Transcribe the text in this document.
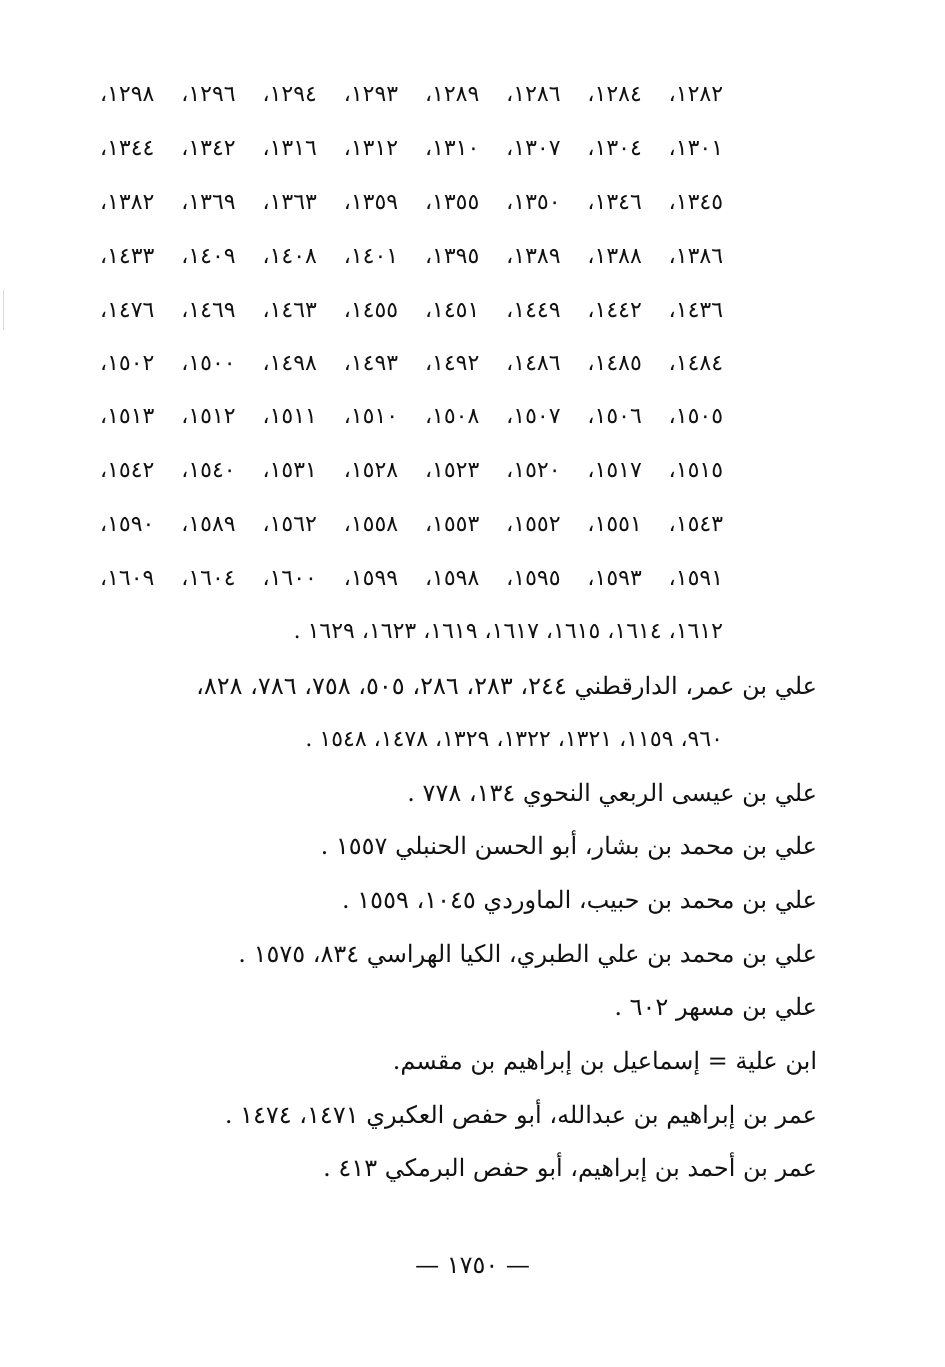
١٢٨٢، ١٢٨٤، ١٢٨٦، ١٢٨٩، ١٢٩٣، ١٢٩٤، ١٢٩٦، ١٢٩٨،
١٣٠١، ١٣٠٤، ١٣٠٧، ١٣١٠، ١٣١٢، ١٣١٦، ١٣٤٢، ١٣٤٤،
١٣٤٥، ١٣٤٦، ١٣٥٠، ١٣٥٥، ١٣٥٩، ١٣٦٣، ١٣٦٩، ١٣٨٢،
١٣٨٦، ١٣٨٨، ١٣٨٩، ١٣٩٥، ١٤٠١، ١٤٠٨، ١٤٠٩، ١٤٣٣،
١٤٣٦، ١٤٤٢، ١٤٤٩، ١٤٥١، ١٤٥٥، ١٤٦٣، ١٤٦٩، ١٤٧٦،
١٤٨٤، ١٤٨٥، ١٤٨٦، ١٤٩٢، ١٤٩٣، ١٤٩٨، ١٥٠٠، ١٥٠٢،
١٥٠٥، ١٥٠٦، ١٥٠٧، ١٥٠٨، ١٥١٠، ١٥١١، ١٥١٢، ١٥١٣،
١٥١٥، ١٥١٧، ١٥٢٠، ١٥٢٣، ١٥٢٨، ١٥٣١، ١٥٤٠، ١٥٤٢،
١٥٤٣، ١٥٥١، ١٥٥٢، ١٥٥٣، ١٥٥٨، ١٥٦٢، ١٥٨٩، ١٥٩٠،
١٥٩١، ١٥٩٣، ١٥٩٥، ١٥٩٨، ١٥٩٩، ١٦٠٠، ١٦٠٤، ١٦٠٩،
١٦١٢، ١٦١٤، ١٦١٥، ١٦١٧، ١٦١٩، ١٦٢٣، ١٦٢٩ .
علي بن عمر، الدارقطني ٢٤٤، ٢٨٣، ٢٨٦، ٥٠٥، ٧٥٨، ٧٨٦، ٨٢٨،
٩٦٠، ١١٥٩، ١٣٢١، ١٣٢٢، ١٣٢٩، ١٤٧٨، ١٥٤٨ .
علي بن عيسى الربعي النحوي ١٣٤، ٧٧٨ .
علي بن محمد بن بشار، أبو الحسن الحنبلي ١٥٥٧ .
علي بن محمد بن حبيب، الماوردي ١٠٤٥، ١٥٥٩ .
علي بن محمد بن علي الطبري، الكيا الهراسي ٨٣٤، ١٥٧٥ .
علي بن مسهر ٦٠٢ .
ابن علية = إسماعيل بن إبراهيم بن مقسم.
عمر بن إبراهيم بن عبدالله، أبو حفص العكبري ١٤٧١، ١٤٧٤ .
عمر بن أحمد بن إبراهيم، أبو حفص البرمكي ٤١٣ .
— ١٧٥٠ —
